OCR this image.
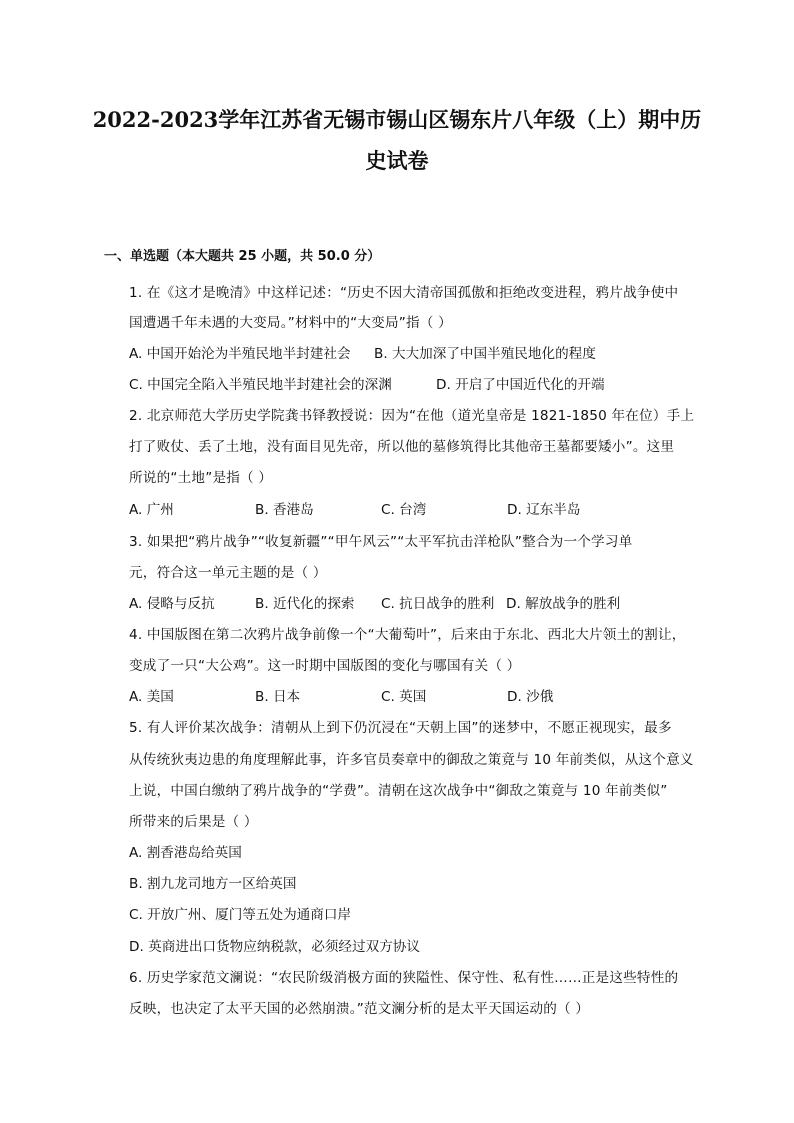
2022-2023学年江苏省无锡市锡山区锡东片八年级（上）期中历
史试卷
一、单选题（本大题共 25 小题，共 50.0 分）
1. 在《这才是晚清》中这样记述：“历史不因大清帝国孤傲和拒绝改变进程，鸦片战争使中
国遭遇千年未遇的大变局。”材料中的“大变局”指（ ）
A. 中国开始沦为半殖民地半封建社会 B. 大大加深了中国半殖民地化的程度
C. 中国完全陷入半殖民地半封建社会的深渊	D. 开启了中国近代化的开端
2. 北京师范大学历史学院龚书铎教授说：因为“在他（道光皇帝是 1821-1850 年在位）手上
打了败仗、丢了土地，没有面目见先帝，所以他的墓修筑得比其他帝王墓都要矮小”。这里
所说的“土地”是指（ ）
A. 广州	B. 香港岛	C. 台湾	D. 辽东半岛
3. 如果把“鸦片战争”“收复新疆”“甲午风云”“太平军抗击洋枪队”整合为一个学习单
元，符合这一单元主题的是（ ）
A. 侵略与反抗	B. 近代化的探索 C. 抗日战争的胜利 D. 解放战争的胜利
4. 中国版图在第二次鸦片战争前像一个“大葡萄叶”，后来由于东北、西北大片领土的割让，
变成了一只“大公鸡”。这一时期中国版图的变化与哪国有关（ ）
A. 美国	B. 日本	C. 英国	D. 沙俄
5. 有人评价某次战争：清朝从上到下仍沉浸在“天朝上国”的迷梦中，不愿正视现实，最多
从传统狄夷边患的角度理解此事，许多官员奏章中的御敌之策竟与 10 年前类似，从这个意义
上说，中国白缴纳了鸦片战争的“学费”。清朝在这次战争中“御敌之策竟与 10 年前类似”
所带来的后果是（ ）
A. 割香港岛给英国
B. 割九龙司地方一区给英国
C. 开放广州、厦门等五处为通商口岸
D. 英商进出口货物应纳税款，必须经过双方协议
6. 历史学家范文澜说：“农民阶级消极方面的狭隘性、保守性、私有性……正是这些特性的
反映，也决定了太平天国的必然崩溃。”范文澜分析的是太平天国运动的（ ）
